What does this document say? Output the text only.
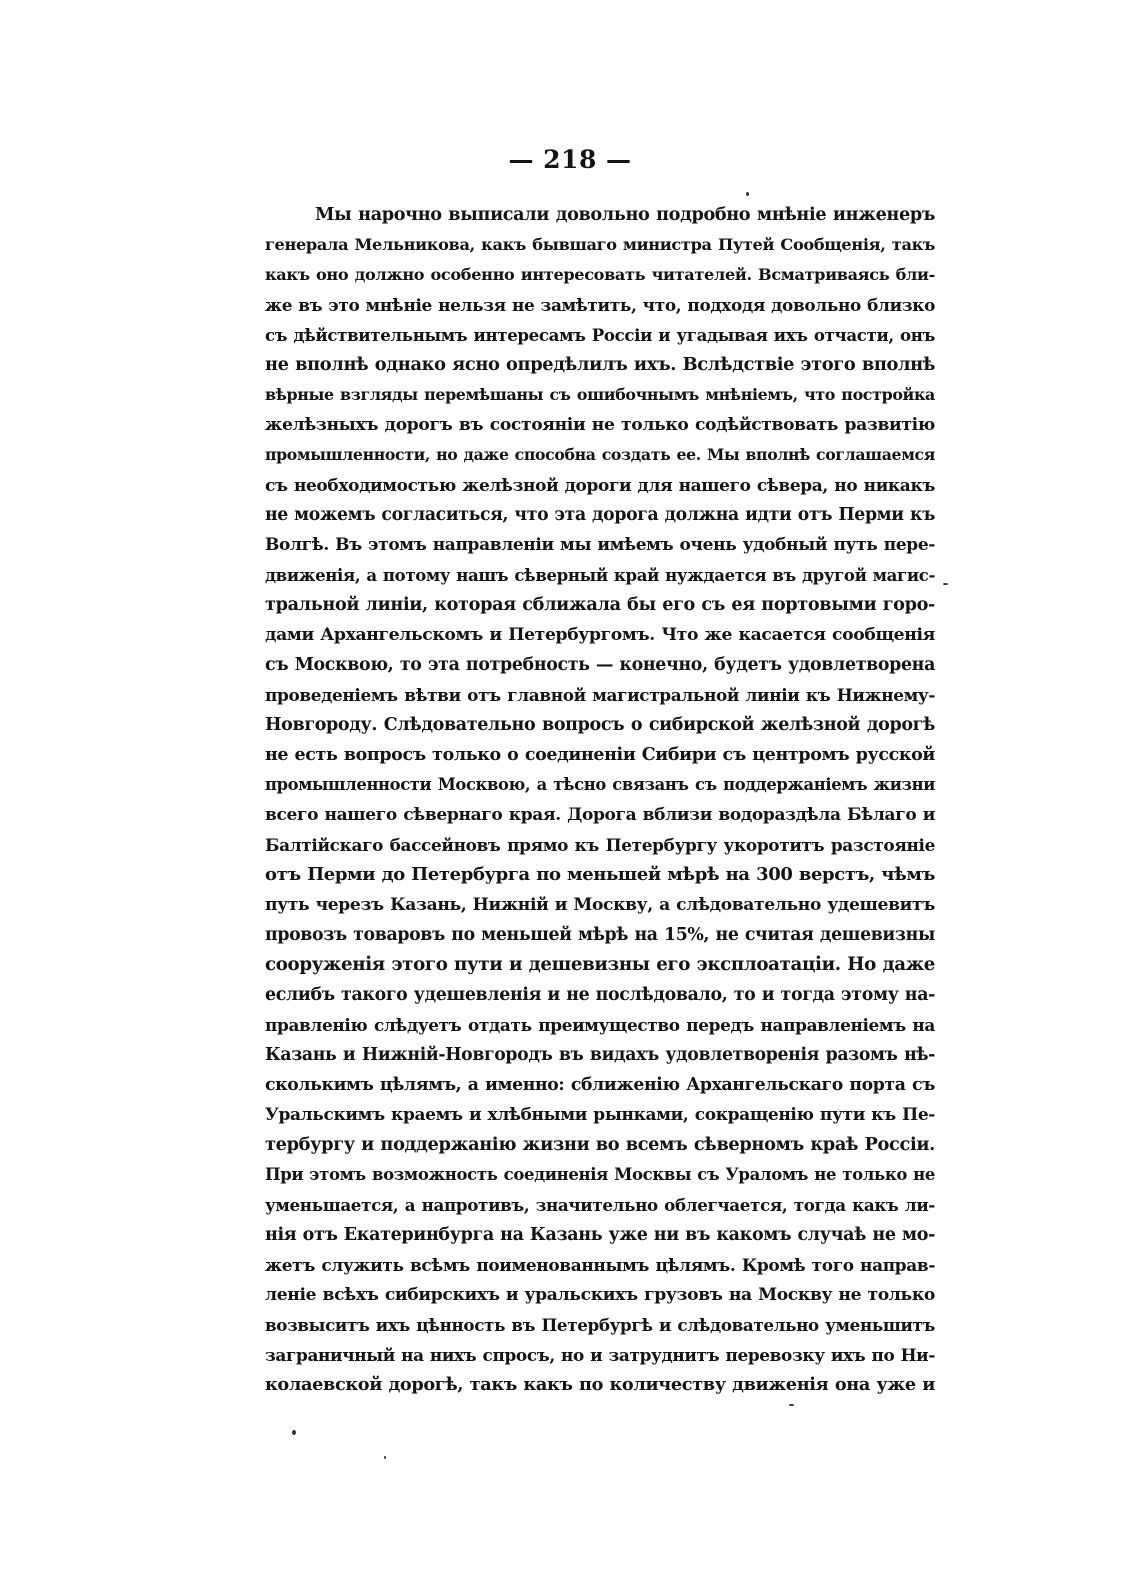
— 218 —
Мы нарочно выписали довольно подробно мнѣніе инженеръ
генерала Мельникова, какъ бывшаго министра Путей Сообщенія, такъ
какъ оно должно особенно интересовать читателей. Всматриваясь бли-
же въ это мнѣніе нельзя не замѣтить, что, подходя довольно близко
съ дѣйствительнымъ интересамъ Россіи и угадывая ихъ отчасти, онъ
не вполнѣ однако ясно опредѣлилъ ихъ. Вслѣдствіе этого вполнѣ
вѣрные взгляды перемѣшаны съ ошибочнымъ мнѣніемъ, что постройка
желѣзныхъ дорогъ въ состояніи не только содѣйствовать развитію
промышленности, но даже способна создать ее. Мы вполнѣ соглашаемся
съ необходимостью желѣзной дороги для нашего сѣвера, но никакъ
не можемъ согласиться, что эта дорога должна идти отъ Перми къ
Волгѣ. Въ этомъ направленіи мы имѣемъ очень удобный путь пере-
движенія, а потому нашъ сѣверный край нуждается въ другой магис-
тральной линіи, которая сближала бы его съ ея портовыми горо-
дами Архангельскомъ и Петербургомъ. Что же касается сообщенія
съ Москвою, то эта потребность — конечно, будетъ удовлетворена
проведеніемъ вѣтви отъ главной магистральной линіи къ Нижнему-
Новгороду. Слѣдовательно вопросъ о сибирской желѣзной дорогѣ
не есть вопросъ только о соединеніи Сибири съ центромъ русской
промышленности Москвою, а тѣсно связанъ съ поддержаніемъ жизни
всего нашего сѣвернаго края. Дорога вблизи водораздѣла Бѣлаго и
Балтійскаго бассейновъ прямо къ Петербургу укоротитъ разстояніе
отъ Перми до Петербурга по меньшей мѣрѣ на 300 верстъ, чѣмъ
путь черезъ Казань, Нижній и Москву, а слѣдовательно удешевитъ
провозъ товаровъ по меньшей мѣрѣ на 15%, не считая дешевизны
сооруженія этого пути и дешевизны его эксплоатаціи. Но даже
еслибъ такого удешевленія и не послѣдовало, то и тогда этому на-
правленію слѣдуетъ отдать преимущество передъ направленіемъ на
Казань и Нижній-Новгородъ въ видахъ удовлетворенія разомъ нѣ-
сколькимъ цѣлямъ, а именно: сближенію Архангельскаго порта съ
Уральскимъ краемъ и хлѣбными рынками, сокращенію пути къ Пе-
тербургу и поддержанію жизни во всемъ сѣверномъ краѣ Россіи.
При этомъ возможность соединенія Москвы съ Ураломъ не только не
уменьшается, а напротивъ, значительно облегчается, тогда какъ ли-
нія отъ Екатеринбурга на Казань уже ни въ какомъ случаѣ не мо-
жетъ служить всѣмъ поименованнымъ цѣлямъ. Кромѣ того направ-
леніе всѣхъ сибирскихъ и уральскихъ грузовъ на Москву не только
возвыситъ ихъ цѣнность въ Петербургѣ и слѣдовательно уменьшитъ
заграничный на нихъ спросъ, но и затруднитъ перевозку ихъ по Ни-
колаевской дорогѣ, такъ какъ по количеству движенія она уже и
